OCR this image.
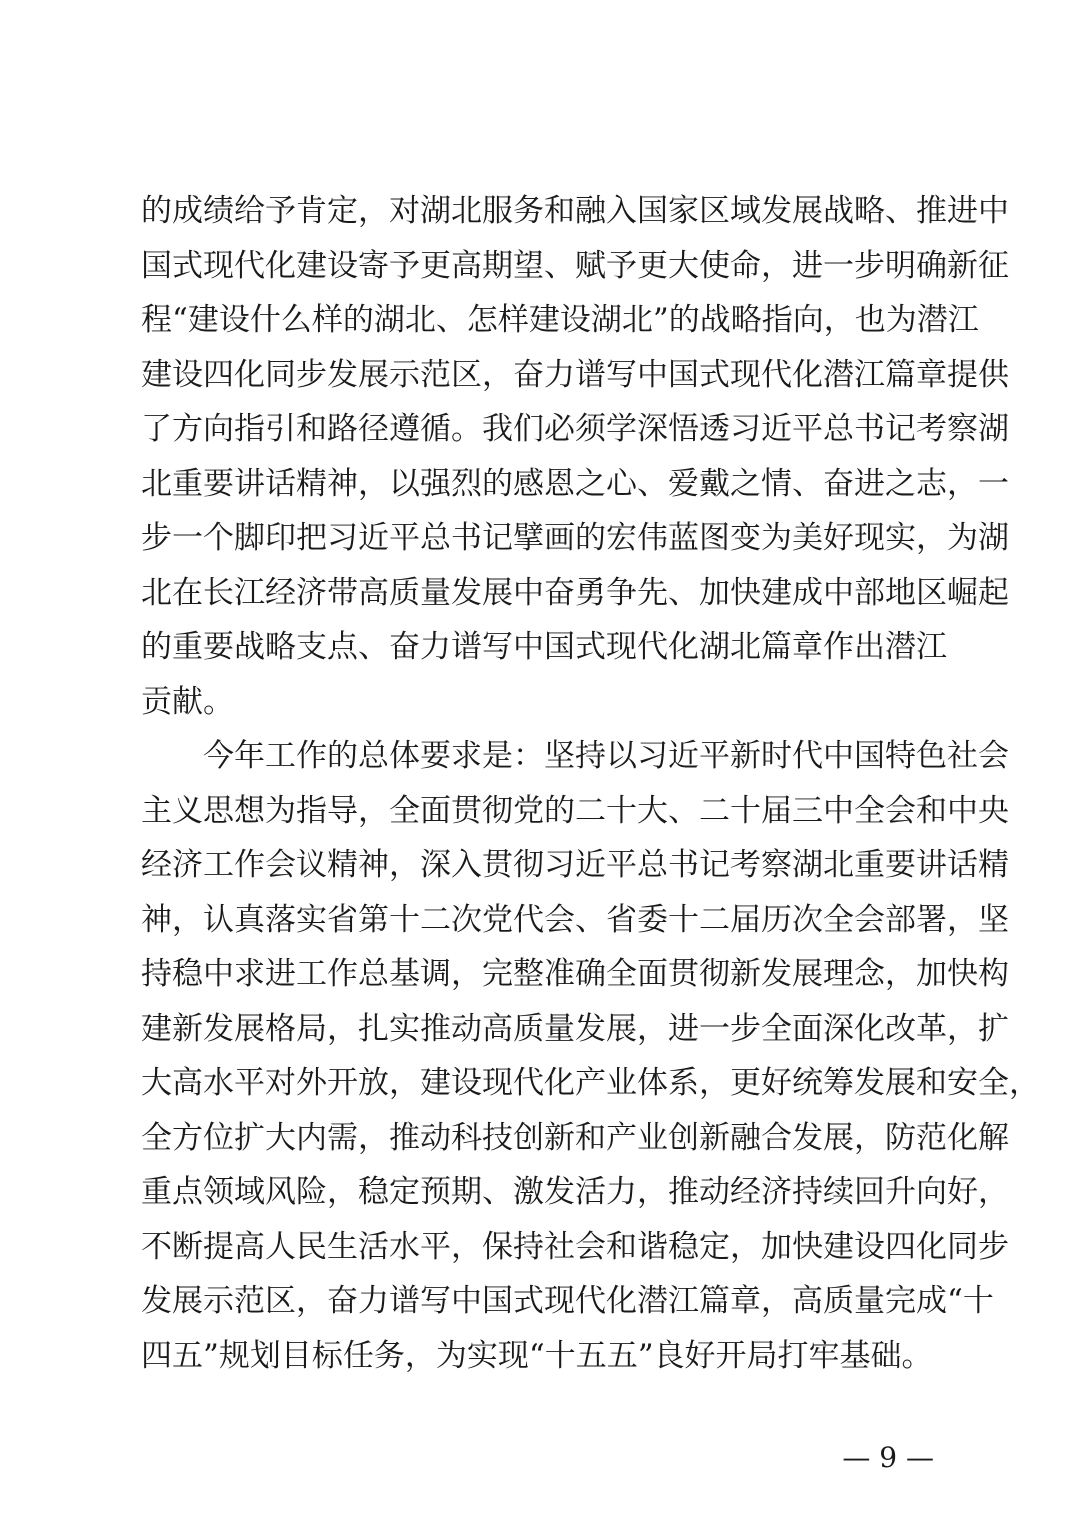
的成绩给予肯定，对湖北服务和融入国家区域发展战略、推进中
国式现代化建设寄予更高期望、赋予更大使命，进一步明确新征
程“建设什么样的湖北、怎样建设湖北”的战略指向，也为潜江
建设四化同步发展示范区，奋力谱写中国式现代化潜江篇章提供
了方向指引和路径遵循。我们必须学深悟透习近平总书记考察湖
北重要讲话精神，以强烈的感恩之心、爱戴之情、奋进之志，一
步一个脚印把习近平总书记擘画的宏伟蓝图变为美好现实，为湖
北在长江经济带高质量发展中奋勇争先、加快建成中部地区崛起
的重要战略支点、奋力谱写中国式现代化湖北篇章作出潜江
贡献。
今年工作的总体要求是：坚持以习近平新时代中国特色社会
主义思想为指导，全面贯彻党的二十大、二十届三中全会和中央
经济工作会议精神，深入贯彻习近平总书记考察湖北重要讲话精
神，认真落实省第十二次党代会、省委十二届历次全会部署，坚
持稳中求进工作总基调，完整准确全面贯彻新发展理念，加快构
建新发展格局，扎实推动高质量发展，进一步全面深化改革，扩
大高水平对外开放，建设现代化产业体系，更好统筹发展和安全，
全方位扩大内需，推动科技创新和产业创新融合发展，防范化解
重点领域风险，稳定预期、激发活力，推动经济持续回升向好，
不断提高人民生活水平，保持社会和谐稳定，加快建设四化同步
发展示范区，奋力谱写中国式现代化潜江篇章，高质量完成“十
四五”规划目标任务，为实现“十五五”良好开局打牢基础。
— 9 —
